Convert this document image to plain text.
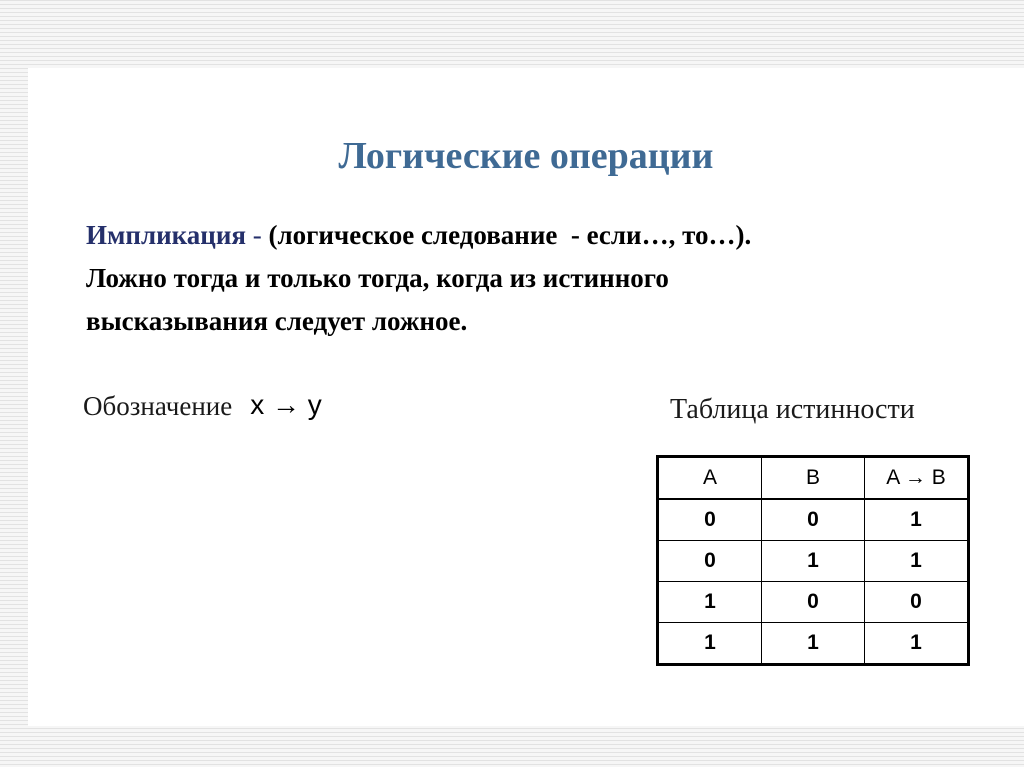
Логические операции
Импликация - (логическое следование  - если…, то…).
Ложно тогда и только тогда, когда из истинного
высказывания следует ложное.
Обозначение x → y	Таблица истинности
A	B	A → B
0	0	1
0	1	1
1	0	0
1	1	1
